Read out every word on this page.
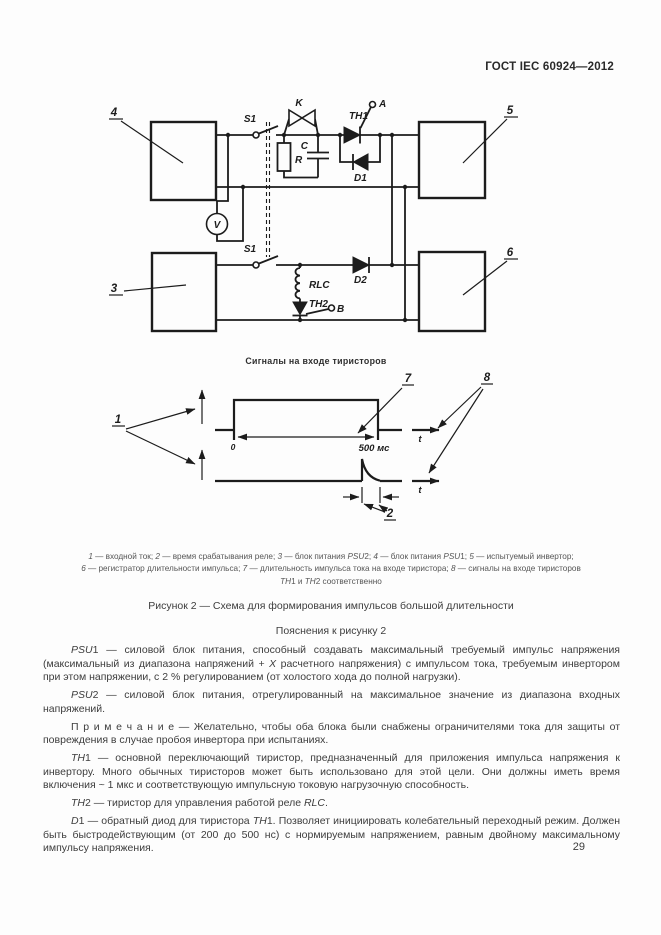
ГОСТ IEC 60924—2012
4	5
3
6
S1
K
R
C
TH1
A
D1
V
S1
RLC
TH2 B
D2
Сигналы на входе тиристоров
0	500 мс
t
t
1
7	8
2
1 — входной ток; 2 — время срабатывания реле; 3 — блок питания PSU2; 4 — блок питания PSU1; 5 — испытуемый инвертор;
6 — регистратор длительности импульса; 7 — длительность импульса тока на входе тиристора; 8 — сигналы на входе тиристоров
TH1 и TH2 соответственно
Рисунок 2 — Схема для формирования импульсов большой длительности
Пояснения к рисунку 2

PSU1 — силовой блок питания, способный создавать максимальный требуемый импульс напряжения (максимальный из диапазона напряжений + X расчетного напряжения) с импульсом тока, требуемым инвертором при этом напряжении, с 2 % регулированием (от холостого хода до полной нагрузки).

PSU2 — силовой блок питания, отрегулированный на максимальное значение из диапазона входных напряжений.

П р и м е ч а н и е — Желательно, чтобы оба блока были снабжены ограничителями тока для защиты от повреждения в случае пробоя инвертора при испытаниях.

TH1 — основной переключающий тиристор, предназначенный для приложения импульса напряжения к инвертору. Много обычных тиристоров может быть использовано для этой цели. Они должны иметь время включения ~ 1 мкс и соответствующую импульсную токовую нагрузочную способность.

TH2 — тиристор для управления работой реле RLC.

D1 — обратный диод для тиристора TH1. Позволяет инициировать колебательный переходный режим. Должен быть быстродействующим (от 200 до 500 нс) с нормируемым напряжением, равным двойному максимальному импульсу напряжения.	29
